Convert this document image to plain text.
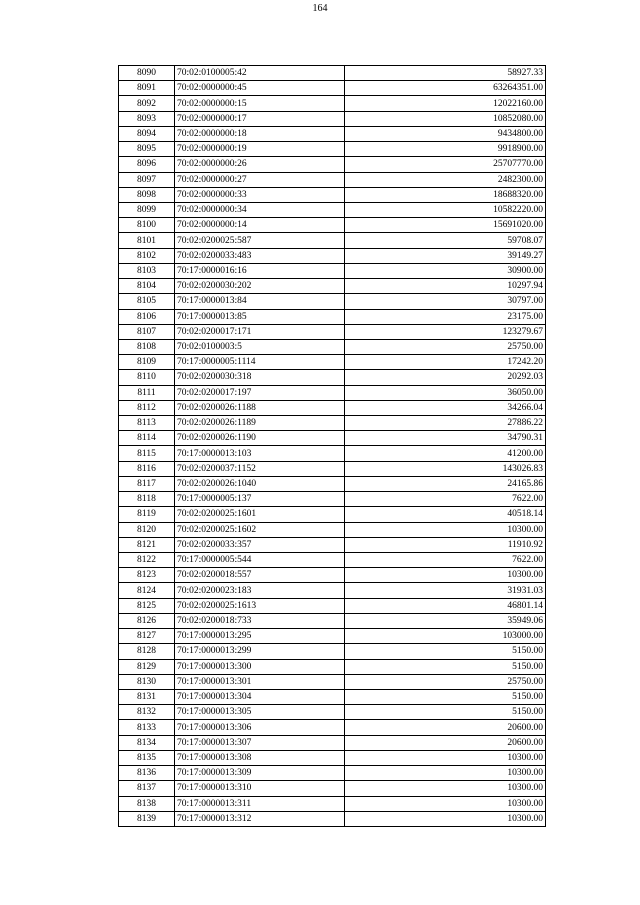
164
8090	70:02:0100005:42	58927.33
8091	70:02:0000000:45	63264351.00
8092	70:02:0000000:15	12022160.00
8093	70:02:0000000:17	10852080.00
8094	70:02:0000000:18	9434800.00
8095	70:02:0000000:19	9918900.00
8096	70:02:0000000:26	25707770.00
8097	70:02:0000000:27	2482300.00
8098	70:02:0000000:33	18688320.00
8099	70:02:0000000:34	10582220.00
8100	70:02:0000000:14	15691020.00
8101	70:02:0200025:587	59708.07
8102	70:02:0200033:483	39149.27
8103	70:17:0000016:16	30900.00
8104	70:02:0200030:202	10297.94
8105	70:17:0000013:84	30797.00
8106	70:17:0000013:85	23175.00
8107	70:02:0200017:171	123279.67
8108	70:02:0100003:5	25750.00
8109	70:17:0000005:1114	17242.20
8110	70:02:0200030:318	20292.03
8111	70:02:0200017:197	36050.00
8112	70:02:0200026:1188	34266.04
8113	70:02:0200026:1189	27886.22
8114	70:02:0200026:1190	34790.31
8115	70:17:0000013:103	41200.00
8116	70:02:0200037:1152	143026.83
8117	70:02:0200026:1040	24165.86
8118	70:17:0000005:137	7622.00
8119	70:02:0200025:1601	40518.14
8120	70:02:0200025:1602	10300.00
8121	70:02:0200033:357	11910.92
8122	70:17:0000005:544	7622.00
8123	70:02:0200018:557	10300.00
8124	70:02:0200023:183	31931.03
8125	70:02:0200025:1613	46801.14
8126	70:02:0200018:733	35949.06
8127	70:17:0000013:295	103000.00
8128	70:17:0000013:299	5150.00
8129	70:17:0000013:300	5150.00
8130	70:17:0000013:301	25750.00
8131	70:17:0000013:304	5150.00
8132	70:17:0000013:305	5150.00
8133	70:17:0000013:306	20600.00
8134	70:17:0000013:307	20600.00
8135	70:17:0000013:308	10300.00
8136	70:17:0000013:309	10300.00
8137	70:17:0000013:310	10300.00
8138	70:17:0000013:311	10300.00
8139	70:17:0000013:312	10300.00
